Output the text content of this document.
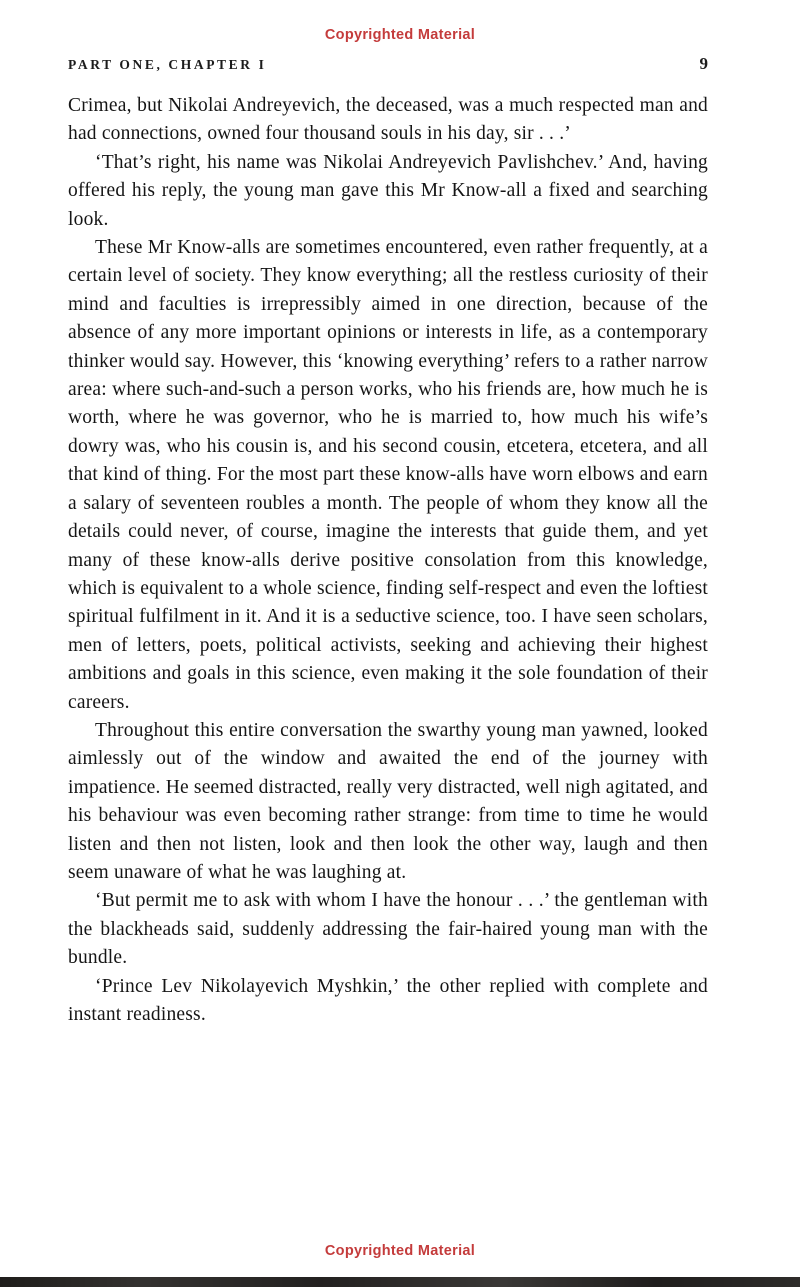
Copyrighted Material
PART ONE, CHAPTER I	9

Crimea, but Nikolai Andreyevich, the deceased, was a much respected man and had connections, owned four thousand souls in his day, sir . . .’

‘That’s right, his name was Nikolai Andreyevich Pavlishchev.’ And, having offered his reply, the young man gave this Mr Know-all a fixed and searching look.

These Mr Know-alls are sometimes encountered, even rather frequently, at a certain level of society. They know everything; all the restless curiosity of their mind and faculties is irrepressibly aimed in one direction, because of the absence of any more important opinions or interests in life, as a contemporary thinker would say. However, this ‘knowing everything’ refers to a rather narrow area: where such-and-such a person works, who his friends are, how much he is worth, where he was governor, who he is married to, how much his wife’s dowry was, who his cousin is, and his second cousin, etcetera, etcetera, and all that kind of thing. For the most part these know-alls have worn elbows and earn a salary of seventeen roubles a month. The people of whom they know all the details could never, of course, imagine the interests that guide them, and yet many of these know-alls derive positive consolation from this knowledge, which is equivalent to a whole science, finding self-respect and even the loftiest spiritual fulfilment in it. And it is a seductive science, too. I have seen scholars, men of letters, poets, political activists, seeking and achieving their highest ambitions and goals in this science, even making it the sole foundation of their careers.

Throughout this entire conversation the swarthy young man yawned, looked aimlessly out of the window and awaited the end of the journey with impatience. He seemed distracted, really very distracted, well nigh agitated, and his behaviour was even becoming rather strange: from time to time he would listen and then not listen, look and then look the other way, laugh and then seem unaware of what he was laughing at.

‘But permit me to ask with whom I have the honour . . .’ the gentleman with the blackheads said, suddenly addressing the fair-haired young man with the bundle.

‘Prince Lev Nikolayevich Myshkin,’ the other replied with complete and instant readiness.

Copyrighted Material
